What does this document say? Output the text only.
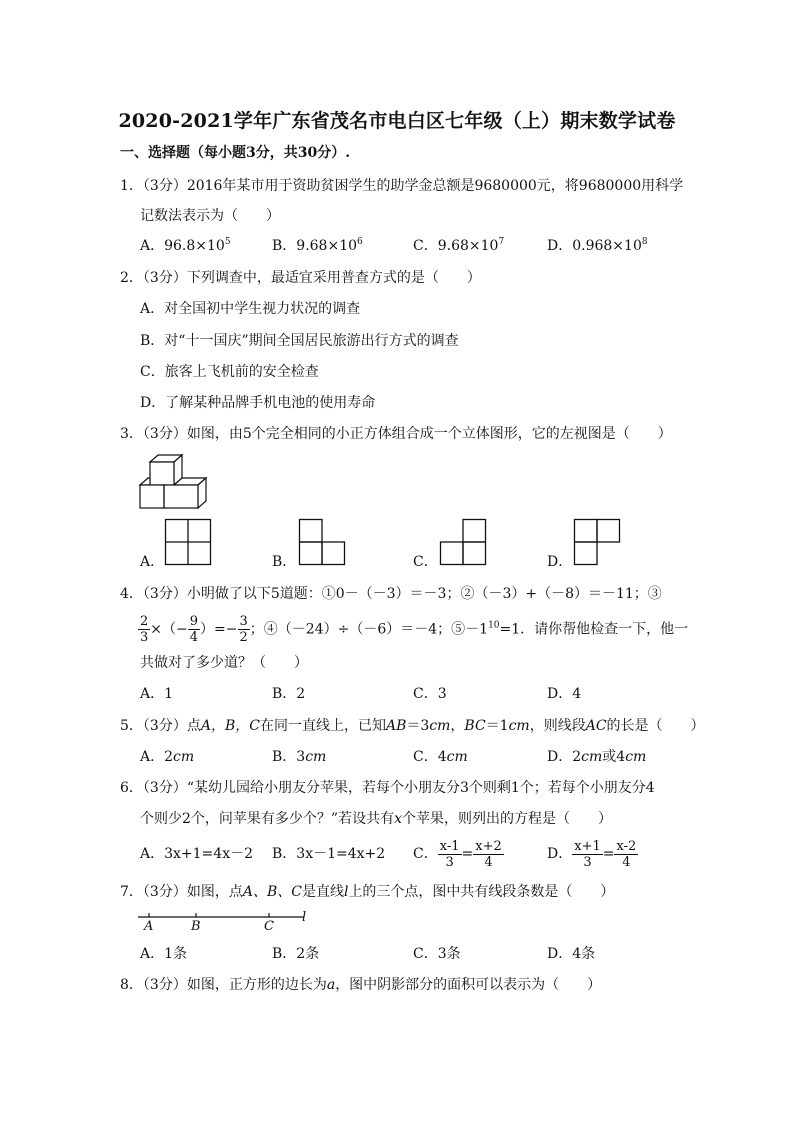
2020-2021学年广东省茂名市电白区七年级（上）期末数学试卷
一、选择题（每小题3分，共30分）.
1．（3分）2016年某市用于资助贫困学生的助学金总额是9680000元，将9680000用科学
记数法表示为（　　）
A．$96.8\times 10^5$	B．$9.68\times 10^6$	C．$9.68\times 10^7$	D．$0.968\times 10^8$
2．（3分）下列调查中，最适宜采用普查方式的是（　　）
A．对全国初中学生视力状况的调查
B．对“十一国庆”期间全国居民旅游出行方式的调查
C．旅客上飞机前的安全检查
D．了解某种品牌手机电池的使用寿命
3．（3分）如图，由5个完全相同的小正方体组合成一个立体图形，它的左视图是（　　）
A．	B．	C．	D．
4．（3分）小明做了以下5道题：①0－（－3）＝－3；②（－3）+（－8）＝－11；③
$\frac{2}{3}$ ×（− $\frac{9}{4}$ ）=− $\frac{3}{2}$ ；④（－24）÷（－6）＝－4；$⑤-1^{10}=1$．请你帮他检查一下，他一
共做对了多少道？（　　）
A．1	B．2	C．3	D．4
5．（3分）点A，B，C在同一直线上，已知AB＝3cm，BC＝1cm，则线段AC的长是（　　）
A．2cm	B．3cm	C．4cm	D．2cm或4cm
6．（3分）“某幼儿园给小朋友分苹果，若每个小朋友分3个则剩1个；若每个小朋友分4
个则少2个，问苹果有多少个？”若设共有x个苹果，则列出的方程是（　　）
A．3x+1=4x－2 B．3x－1=4x+2 C． $\frac{x-1}{3} = \frac{x+2}{4}$	D． $\frac{x+1}{3} = \frac{x-2}{4}$
7．（3分）如图，点A、B、C是直线l上的三个点，图中共有线段条数是（　　）
A	B	C
l
A．1条	B．2条	C．3条	D．4条
8．（3分）如图，正方形的边长为a，图中阴影部分的面积可以表示为（　　）
